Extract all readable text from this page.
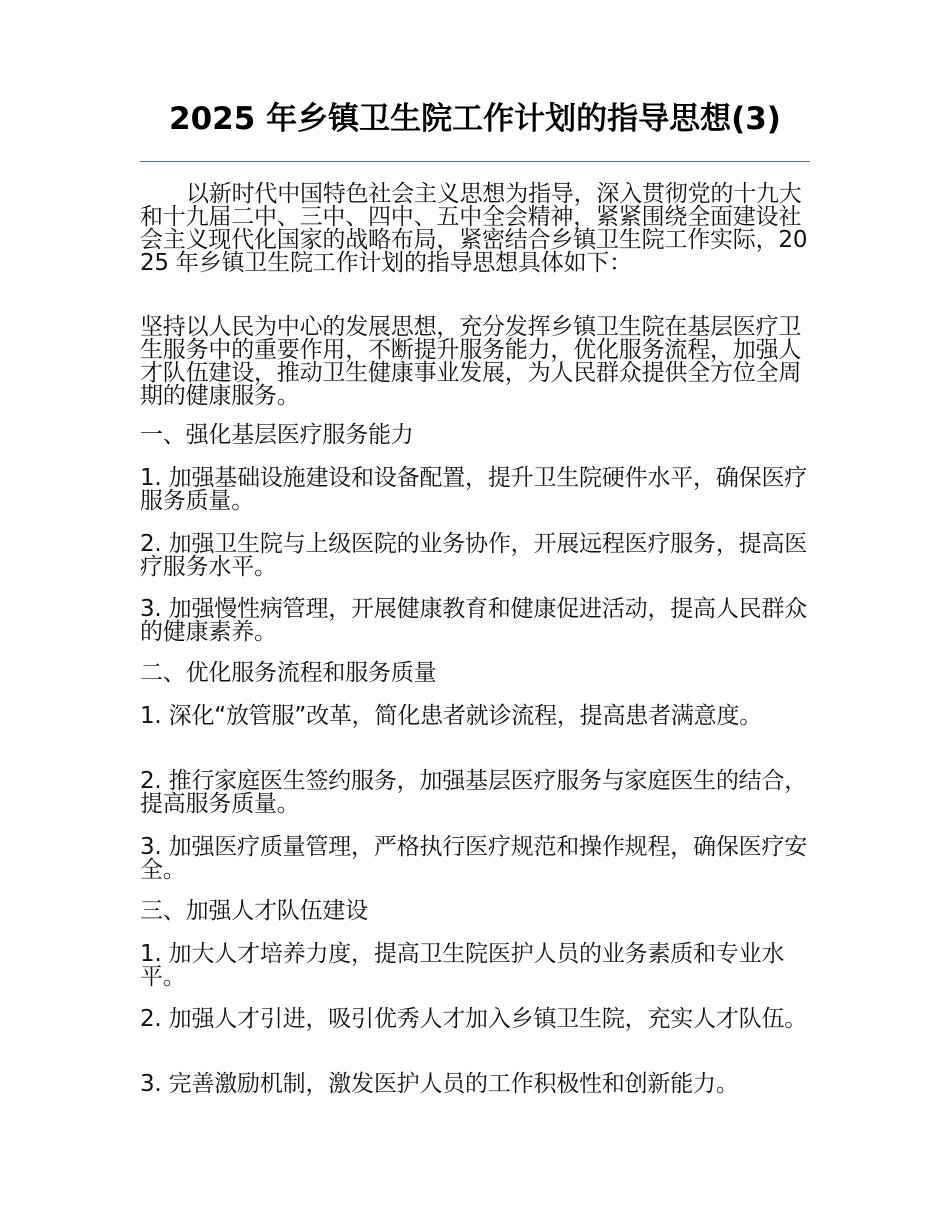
2025 年乡镇卫生院工作计划的指导思想(3)

以新时代中国特色社会主义思想为指导，深入贯彻党的十九大和十九届二中、三中、四中、五中全会精神，紧紧围绕全面建设社会主义现代化国家的战略布局，紧密结合乡镇卫生院工作实际，2025 年乡镇卫生院工作计划的指导思想具体如下：

坚持以人民为中心的发展思想，充分发挥乡镇卫生院在基层医疗卫生服务中的重要作用，不断提升服务能力，优化服务流程，加强人才队伍建设，推动卫生健康事业发展，为人民群众提供全方位全周期的健康服务。

一、强化基层医疗服务能力

1. 加强基础设施建设和设备配置，提升卫生院硬件水平，确保医疗服务质量。

2. 加强卫生院与上级医院的业务协作，开展远程医疗服务，提高医疗服务水平。

3. 加强慢性病管理，开展健康教育和健康促进活动，提高人民群众的健康素养。

二、优化服务流程和服务质量

1. 深化“放管服”改革，简化患者就诊流程，提高患者满意度。

2. 推行家庭医生签约服务，加强基层医疗服务与家庭医生的结合，提高服务质量。

3. 加强医疗质量管理，严格执行医疗规范和操作规程，确保医疗安全。

三、加强人才队伍建设

1. 加大人才培养力度，提高卫生院医护人员的业务素质和专业水平。

2. 加强人才引进，吸引优秀人才加入乡镇卫生院，充实人才队伍。

3. 完善激励机制，激发医护人员的工作积极性和创新能力。
